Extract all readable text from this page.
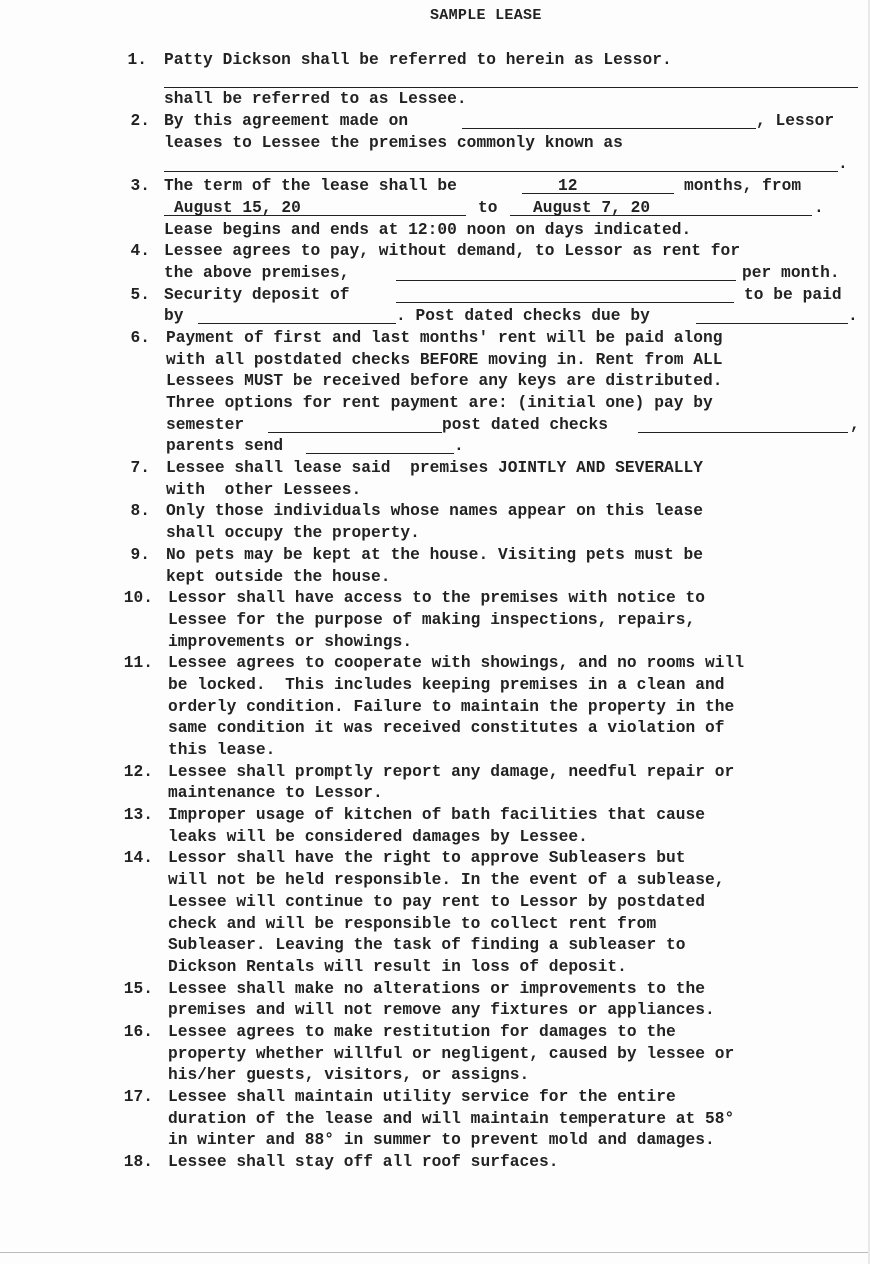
SAMPLE LEASE
1. Patty Dickson shall be referred to herein as Lessor.
shall be referred to as Lessee.
2. By this agreement made on	, Lessor
leases to Lessee the premises commonly known as
.
3. The term of the lease shall be	12	months, from
August 15, 20	to August 7, 20	.
Lease begins and ends at 12:00 noon on days indicated.
4. Lessee agrees to pay, without demand, to Lessor as rent for
the above premises,	per month.
5. Security deposit of	to be paid
by	. Post dated checks due by	.
6. Payment of first and last months' rent will be paid along
with all postdated checks BEFORE moving in. Rent from ALL
Lessees MUST be received before any keys are distributed.
Three options for rent payment are: (initial one) pay by
semester	post dated checks	,
parents send	.
7. Lessee shall lease said  premises JOINTLY AND SEVERALLY
with  other Lessees.
8. Only those individuals whose names appear on this lease
shall occupy the property.
9. No pets may be kept at the house. Visiting pets must be
kept outside the house.
10. Lessor shall have access to the premises with notice to
Lessee for the purpose of making inspections, repairs,
improvements or showings.
11. Lessee agrees to cooperate with showings, and no rooms will
be locked.  This includes keeping premises in a clean and
orderly condition. Failure to maintain the property in the
same condition it was received constitutes a violation of
this lease.
12. Lessee shall promptly report any damage, needful repair or
maintenance to Lessor.
13. Improper usage of kitchen of bath facilities that cause
leaks will be considered damages by Lessee.
14. Lessor shall have the right to approve Subleasers but
will not be held responsible. In the event of a sublease,
Lessee will continue to pay rent to Lessor by postdated
check and will be responsible to collect rent from
Subleaser. Leaving the task of finding a subleaser to
Dickson Rentals will result in loss of deposit.
15. Lessee shall make no alterations or improvements to the
premises and will not remove any fixtures or appliances.
16. Lessee agrees to make restitution for damages to the
property whether willful or negligent, caused by lessee or
his/her guests, visitors, or assigns.
17. Lessee shall maintain utility service for the entire
duration of the lease and will maintain temperature at 58°
in winter and 88° in summer to prevent mold and damages.
18. Lessee shall stay off all roof surfaces.
